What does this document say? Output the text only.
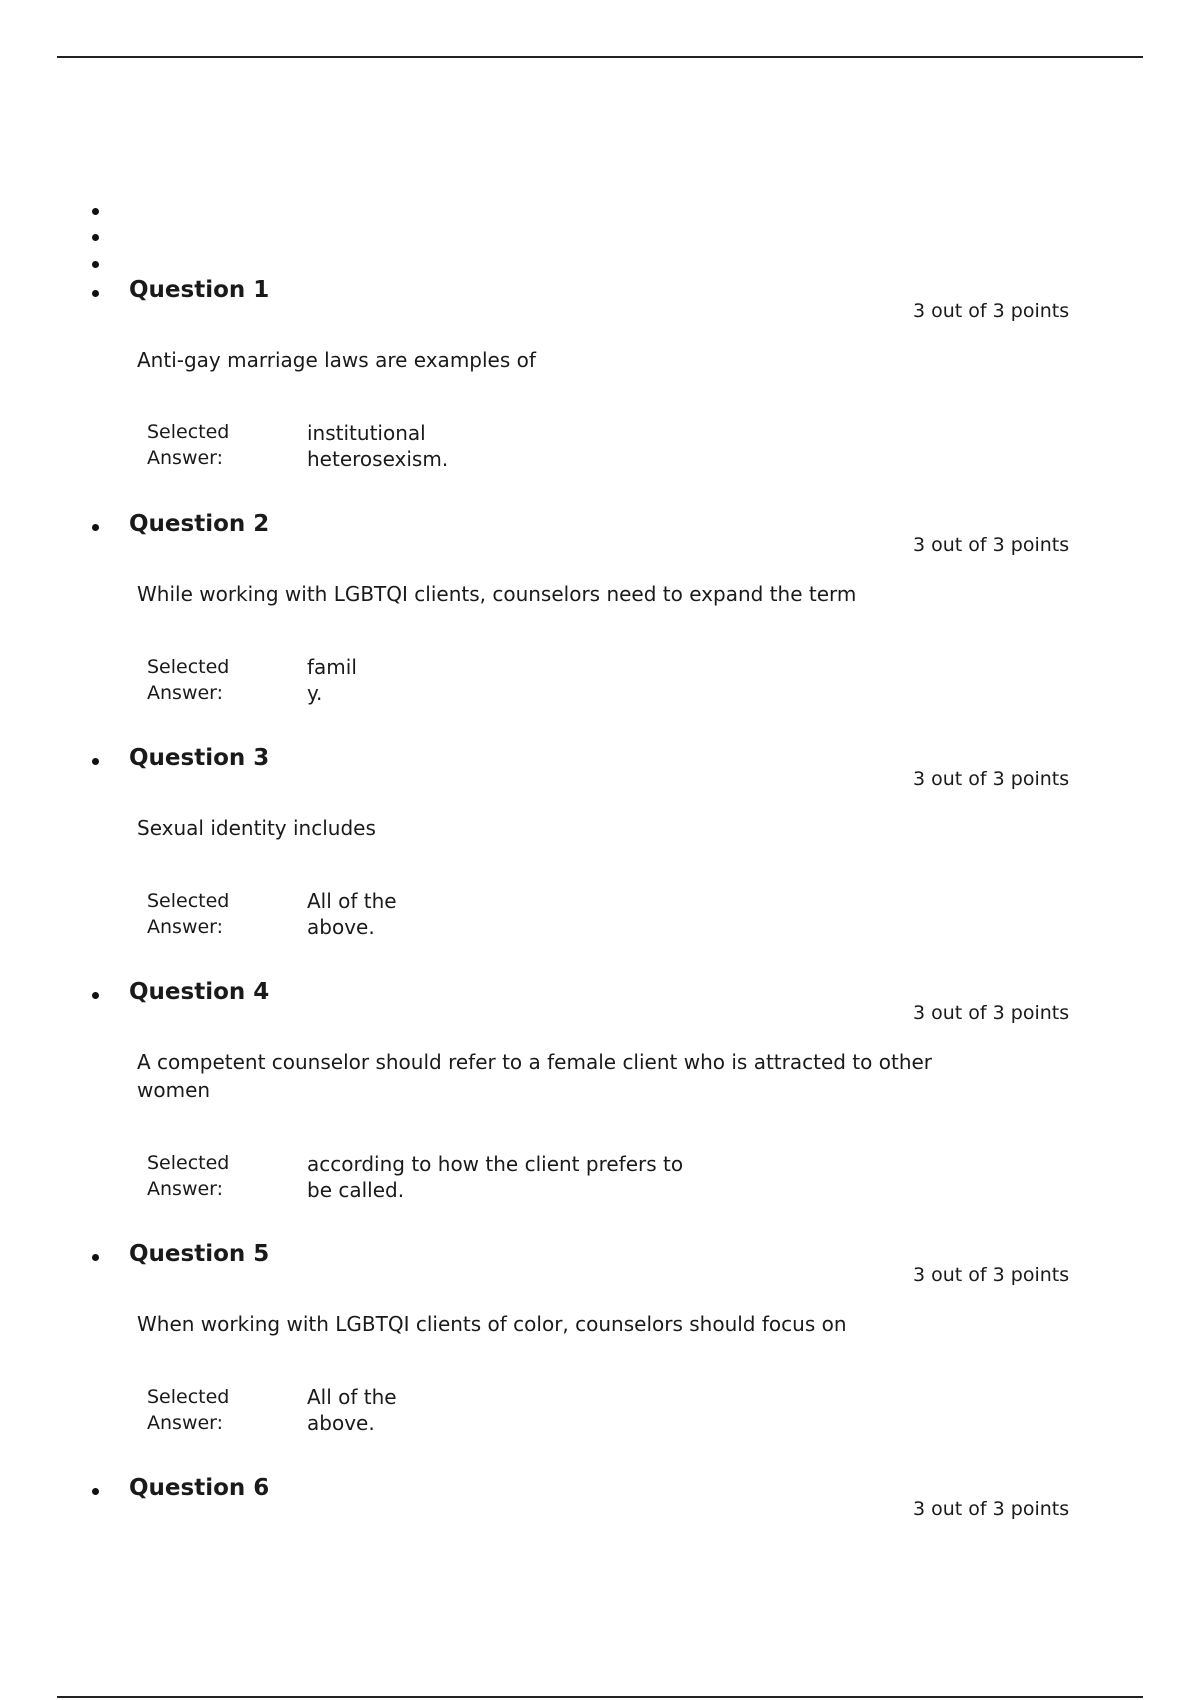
Question 1
3 out of 3 points
Anti-gay marriage laws are examples of
Selected Answer:
institutional
heterosexism.
Question 2
3 out of 3 points
While working with LGBTQI clients, counselors need to expand the term
Selected Answer:
famil
y.
Question 3
3 out of 3 points
Sexual identity includes
Selected Answer:
All of the
above.
Question 4
3 out of 3 points
A competent counselor should refer to a female client who is attracted to other women
Selected Answer:
according to how the client prefers to
be called.
Question 5
3 out of 3 points
When working with LGBTQI clients of color, counselors should focus on
Selected Answer:
All of the
above.
Question 6
3 out of 3 points
